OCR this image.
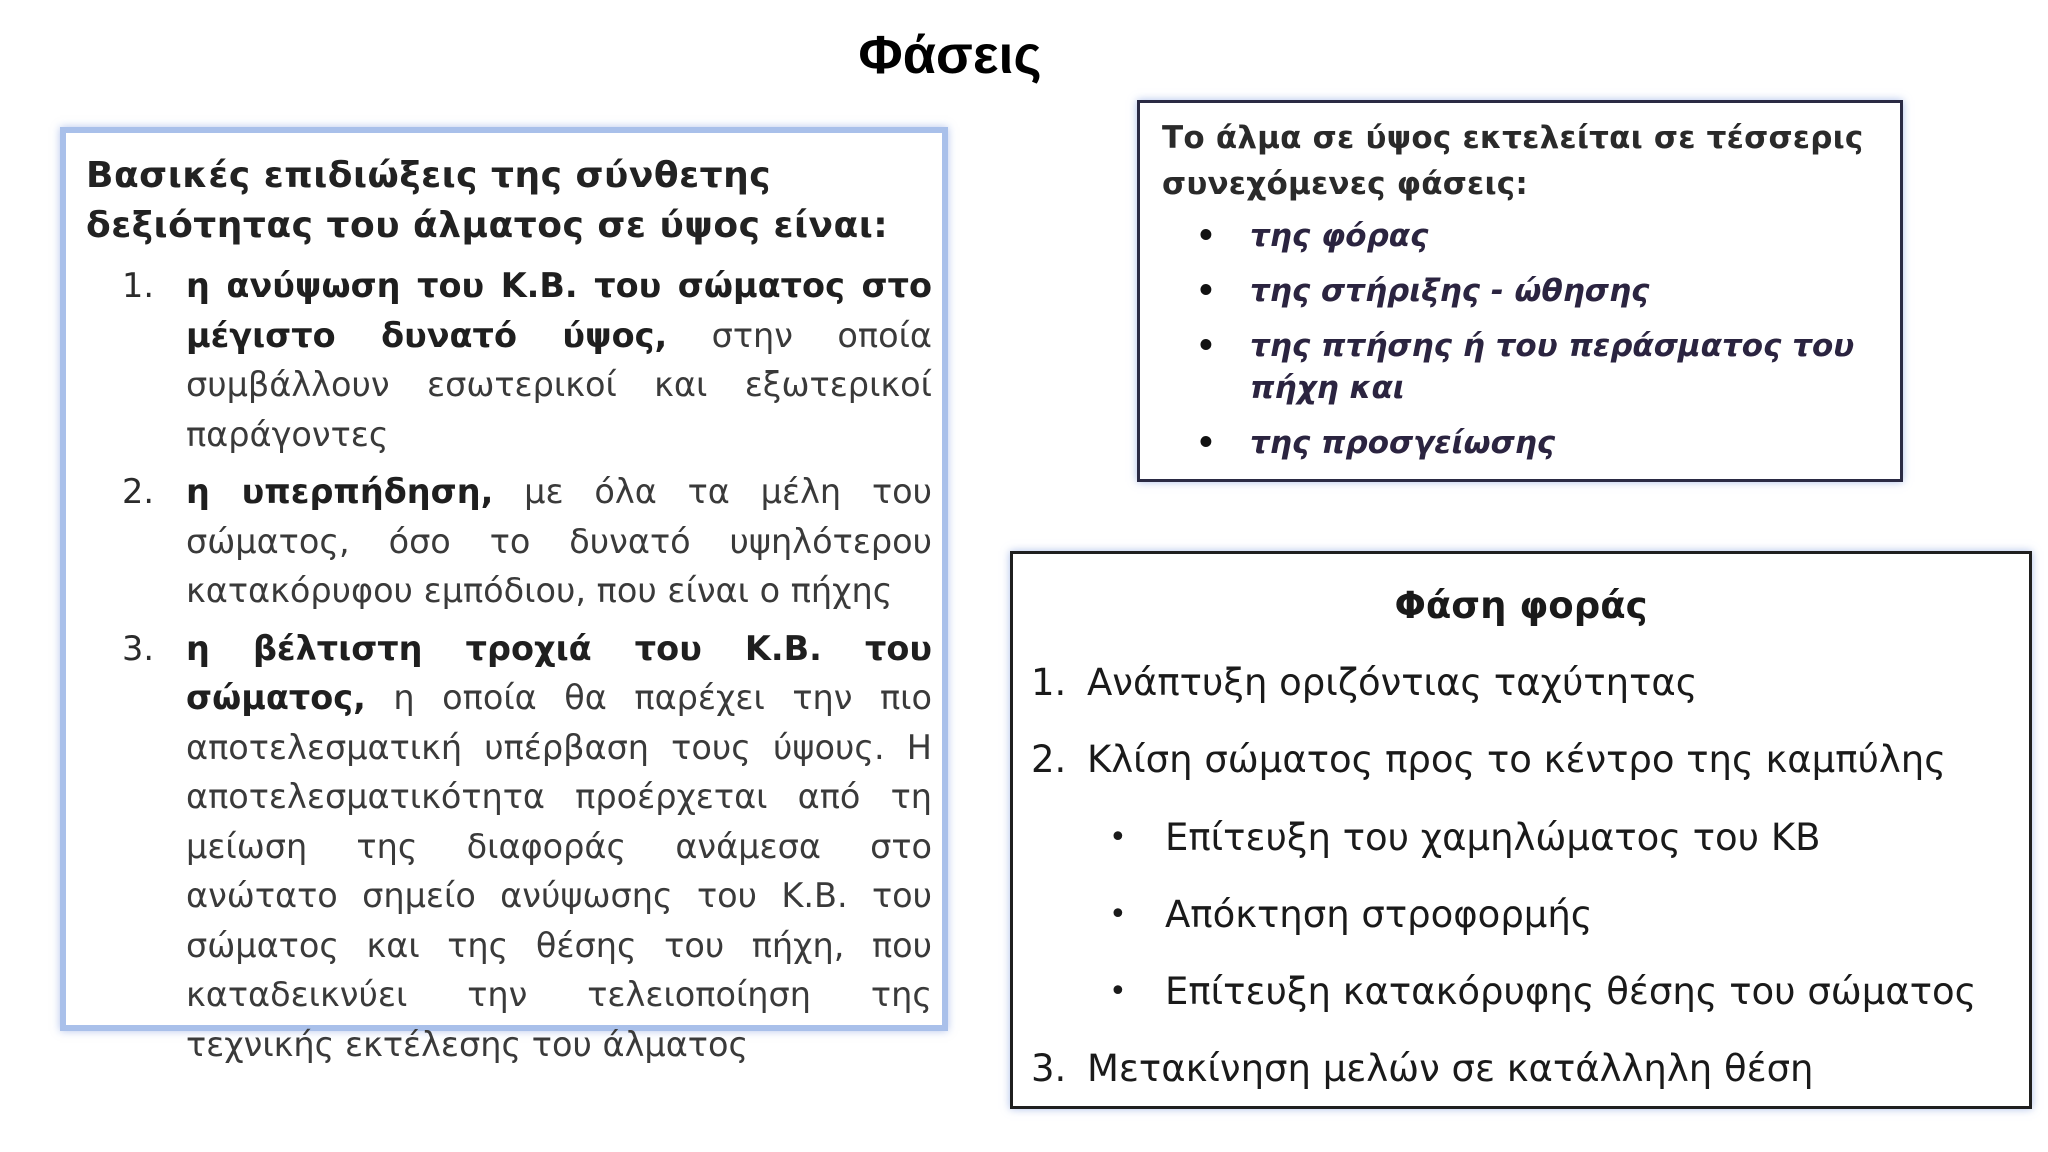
Φάσεις
Βασικές επιδιώξεις της σύνθετης δεξιότητας του άλματος σε ύψος είναι:
1. η ανύψωση του Κ.Β. του σώματος στο μέγιστο δυνατό ύψος, στην οποία συμβάλλουν εσωτερικοί και εξωτερικοί παράγοντες
2. η υπερπήδηση, με όλα τα μέλη του σώματος, όσο το δυνατό υψηλότερου κατακόρυφου εμπόδιου, που είναι ο πήχης
3. η βέλτιστη τροχιά του Κ.Β. του σώματος, η οποία θα παρέχει την πιο αποτελεσματική υπέρβαση τους ύψους. Η αποτελεσματικότητα προέρχεται από τη μείωση της διαφοράς ανάμεσα στο ανώτατο σημείο ανύψωσης του Κ.Β. του σώματος και της θέσης του πήχη, που καταδεικνύει την τελειοποίηση της τεχνικής εκτέλεσης του άλματος
Το άλμα σε ύψος εκτελείται σε τέσσερις συνεχόμενες φάσεις:
• της φόρας
• της στήριξης - ώθησης
• της πτήσης ή του περάσματος του πήχη και
• της προσγείωσης
Φάση φοράς
1. Ανάπτυξη οριζόντιας ταχύτητας
2. Κλίση σώματος προς το κέντρο της καμπύλης
• Επίτευξη του χαμηλώματος του ΚΒ
• Απόκτηση στροφορμής
• Επίτευξη κατακόρυφης θέσης του σώματος
3. Μετακίνηση μελών σε κατάλληλη θέση
